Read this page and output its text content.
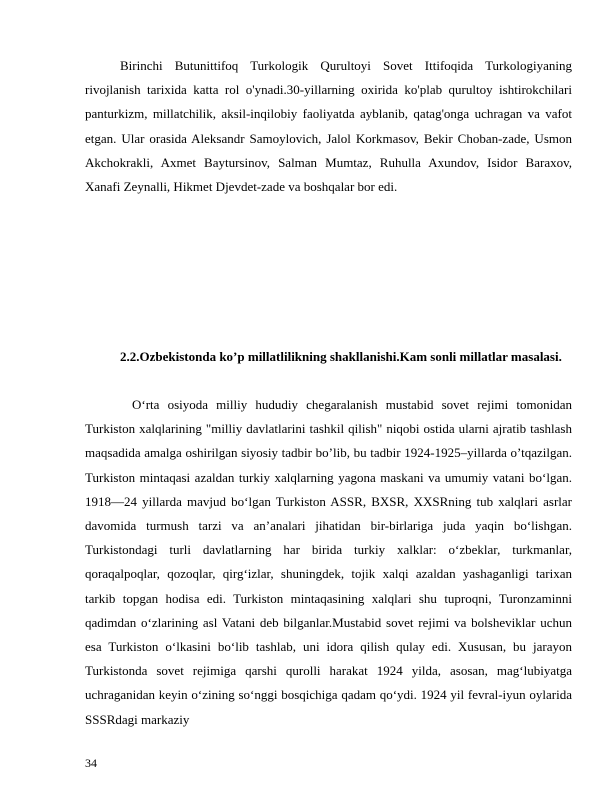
Birinchi Butunittifoq Turkologik Qurultoyi Sovet Ittifoqida Turkologiyaning rivojlanish tarixida katta rol o'ynadi.30-yillarning oxirida ko'plab qurultoy ishtirokchilari panturkizm, millatchilik, aksil-inqilobiy faoliyatda ayblanib, qatag'onga uchragan va vafot etgan. Ular orasida Aleksandr Samoylovich, Jalol Korkmasov, Bekir Choban-zade, Usmon Akchokrakli, Axmet Baytursinov, Salman Mumtaz, Ruhulla Axundov, Isidor Baraxov, Xanafi Zeynalli, Hikmet Djevdet-zade va boshqalar bor edi.

2.2.Ozbekistonda ko’p millatlilikning shakllanishi.Kam sonli millatlar masalasi.

O‘rta osiyoda milliy hududiy chegaralanish mustabid sovet rejimi tomonidan Turkiston xalqlarining "milliy davlatlarini tashkil qilish" niqobi ostida ularni ajratib tashlash maqsadida amalga oshirilgan siyosiy tadbir bo’lib, bu tadbir 1924-1925–yillarda o’tqazilgan. Turkiston mintaqasi azaldan turkiy xalqlarning yagona maskani va umumiy vatani bo‘lgan. 1918—24 yillarda mavjud bo‘lgan Turkiston ASSR, BXSR, XXSRning tub xalqlari asrlar davomida turmush tarzi va an’analari jihatidan bir-birlariga juda yaqin bo‘lishgan. Turkistondagi turli davlatlarning har birida turkiy xalklar: o‘zbeklar, turkmanlar, qoraqalpoqlar, qozoqlar, qirg‘izlar, shuningdek, tojik xalqi azaldan yashaganligi tarixan tarkib topgan hodisa edi. Turkiston mintaqasining xalqlari shu tuproqni, Turonzaminni qadimdan o‘zlarining asl Vatani deb bilganlar.Mustabid sovet rejimi va bolsheviklar uchun esa Turkiston o‘lkasini bo‘lib tashlab, uni idora qilish qulay edi. Xususan, bu jarayon Turkistonda sovet rejimiga qarshi qurolli harakat 1924 yilda, asosan, mag‘lubiyatga uchraganidan keyin o‘zining so‘nggi bosqichiga qadam qo‘ydi. 1924 yil fevral-iyun oylarida SSSRdagi markaziy

34
